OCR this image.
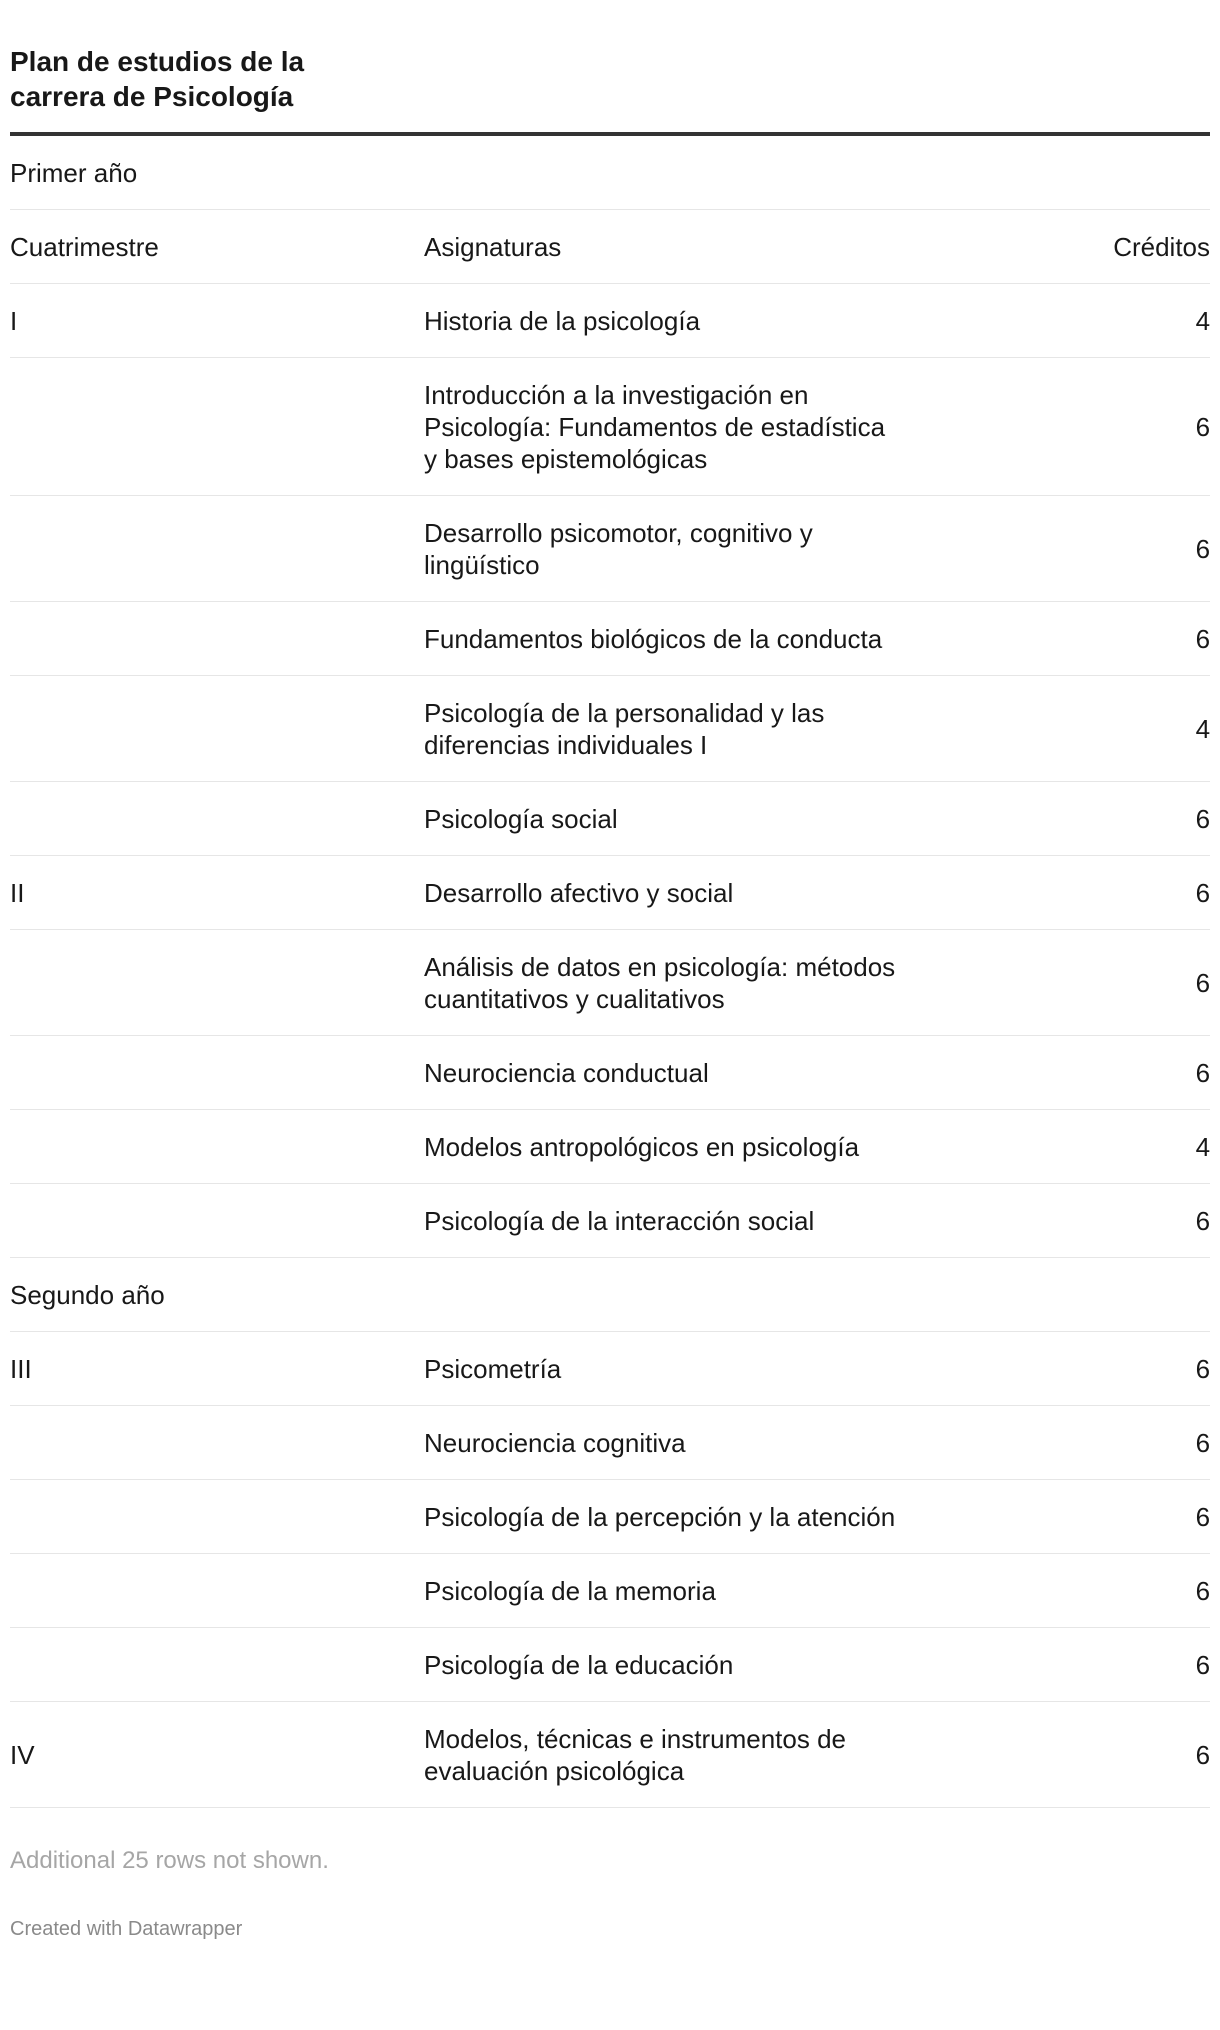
Plan de estudios de la carrera de Psicología
Primer año		
Cuatrimestre	Asignaturas	Créditos
I	Historia de la psicología	4
	Introducción a la investigación en Psicología: Fundamentos de estadística y bases epistemológicas	6
	Desarrollo psicomotor, cognitivo y lingüístico	6
	Fundamentos biológicos de la conducta	6
	Psicología de la personalidad y las diferencias individuales I	4
	Psicología social	6
II	Desarrollo afectivo y social	6
	Análisis de datos en psicología: métodos cuantitativos y cualitativos	6
	Neurociencia conductual	6
	Modelos antropológicos en psicología	4
	Psicología de la interacción social	6
Segundo año		
III	Psicometría	6
	Neurociencia cognitiva	6
	Psicología de la percepción y la atención	6
	Psicología de la memoria	6
	Psicología de la educación	6
IV	Modelos, técnicas e instrumentos de evaluación psicológica	6
Additional 25 rows not shown.
Created with Datawrapper
